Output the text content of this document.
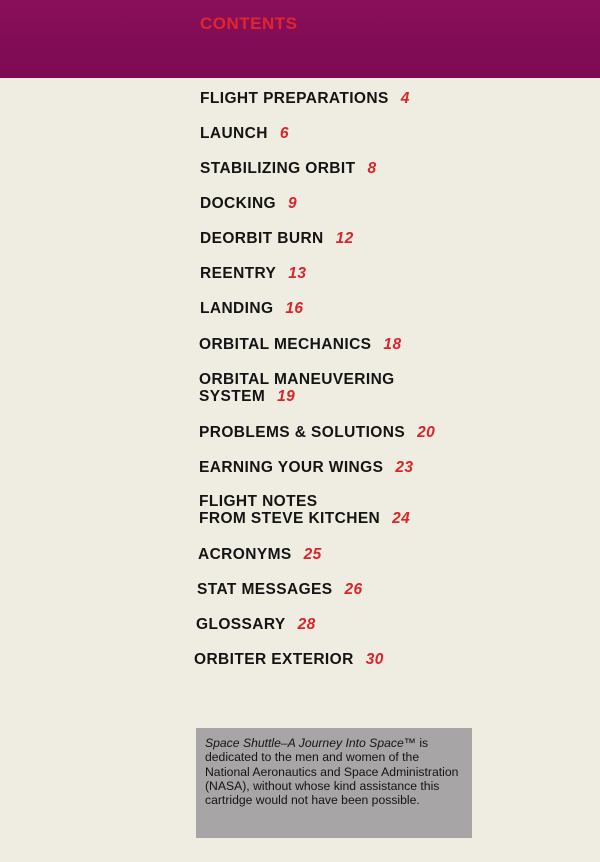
CONTENTS
FLIGHT PREPARATIONS 4
LAUNCH 6
STABILIZING ORBIT 8
DOCKING 9
DEORBIT BURN 12
REENTRY 13
LANDING 16
ORBITAL MECHANICS 18
ORBITAL MANEUVERING
SYSTEM 19
PROBLEMS & SOLUTIONS 20
EARNING YOUR WINGS 23
FLIGHT NOTES
FROM STEVE KITCHEN 24
ACRONYMS 25
STAT MESSAGES 26
GLOSSARY 28
ORBITER EXTERIOR 30

Space Shuttle–A Journey Into Space™ is dedicated to the men and women of the National Aeronautics and Space Administration (NASA), without whose kind assistance this cartridge would not have been possible.
